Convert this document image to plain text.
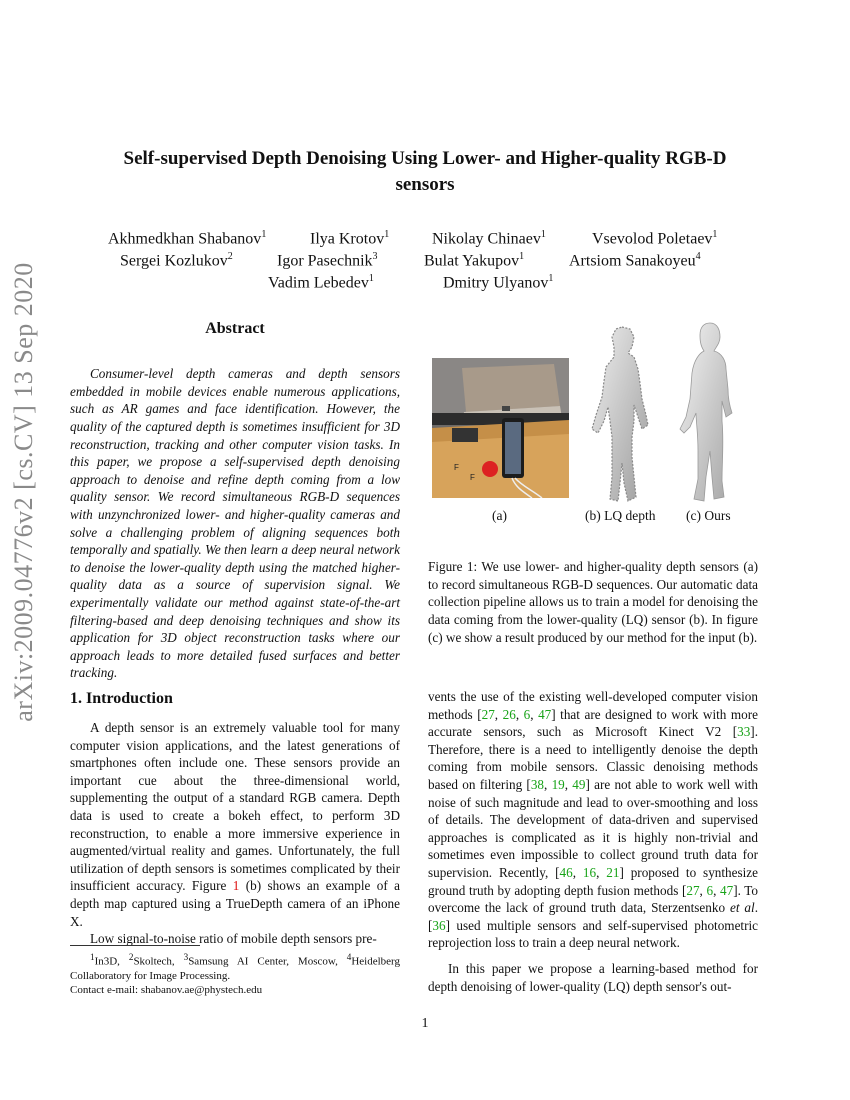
arXiv:2009.04776v2 [cs.CV] 13 Sep 2020
Self-supervised Depth Denoising Using Lower- and Higher-quality RGB-D
sensors
Akhmedkhan Shabanov$^1$	Ilya Krotov$^1$	Nikolay Chinaev$^1$	Vsevolod Poletaev$^1$
Sergei Kozlukov$^2$	Igor Pasechnik$^3$	Bulat Yakupov$^1$	Artsiom Sanakoyeu$^4$
Vadim Lebedev$^1$	Dmitry Ulyanov$^1$
Abstract

Consumer-level depth cameras and depth sensors embedded in mobile devices enable numerous applications, such as AR games and face identification. However, the quality of the captured depth is sometimes insufficient for 3D reconstruction, tracking and other computer vision tasks. In this paper, we propose a self-supervised depth denoising approach to denoise and refine depth coming from a low quality sensor. We record simultaneous RGB-D sequences with unzynchronized lower- and higher-quality cameras and solve a challenging problem of aligning sequences both temporally and spatially. We then learn a deep neural network to denoise the lower-quality depth using the matched higher-quality data as a source of supervision signal. We experimentally validate our method against state-of-the-art filtering-based and deep denoising techniques and show its application for 3D object reconstruction tasks where our approach leads to more detailed fused surfaces and better tracking.

F
F
(a)	(b) LQ depth (c) Ours

Figure 1: We use lower- and higher-quality depth sensors (a) to record simultaneous RGB-D sequences. Our automatic data collection pipeline allows us to train a model for denoising the data coming from the lower-quality (LQ) sensor (b). In figure (c) we show a result produced by our method for the input (b).

1. Introduction

A depth sensor is an extremely valuable tool for many computer vision applications, and the latest generations of smartphones often include one. These sensors provide an important cue about the three-dimensional world, supplementing the output of a standard RGB camera. Depth data is used to create a bokeh effect, to perform 3D reconstruction, to enable a more immersive experience in augmented/virtual reality and games. Unfortunately, the full utilization of depth sensors is sometimes complicated by their insufficient accuracy. Figure 1 (b) shows an example of a depth map captured using a TrueDepth camera of an iPhone X.

Low signal-to-noise ratio of mobile depth sensors pre-

vents the use of the existing well-developed computer vision methods [27, 26, 6, 47] that are designed to work with more accurate sensors, such as Microsoft Kinect V2 [33]. Therefore, there is a need to intelligently denoise the depth coming from mobile sensors. Classic denoising methods based on filtering [38, 19, 49] are not able to work well with noise of such magnitude and lead to over-smoothing and loss of details. The development of data-driven and supervised approaches is complicated as it is highly non-trivial and sometimes even impossible to collect ground truth data for supervision. Recently, [46, 16, 21] proposed to synthesize ground truth by adopting depth fusion methods [27, 6, 47]. To overcome the lack of ground truth data, Sterzentsenko et al. [36] used multiple sensors and self-supervised photometric reprojection loss to train a deep neural network.

In this paper we propose a learning-based method for depth denoising of lower-quality (LQ) depth sensor's out-

$^1$In3D, $^2$Skoltech, $^3$Samsung AI Center, Moscow, $^4$Heidelberg Collaboratory for Image Processing.
Contact e-mail: shabanov.ae@phystech.edu
1
